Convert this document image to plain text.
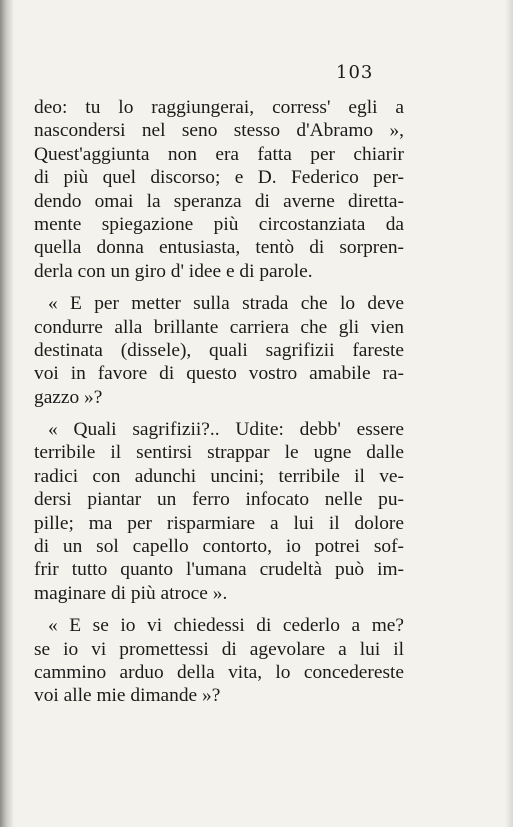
103
deo: tu lo raggiungerai, corress' egli a
nascondersi nel seno stesso d'Abramo »,
Quest'aggiunta non era fatta per chiarir
di più quel discorso; e D. Federico per-
dendo omai la speranza di averne diretta-
mente spiegazione più circostanziata da
quella donna entusiasta, tentò di sorpren-
derla con un giro d' idee e di parole.
« E per metter sulla strada che lo deve
condurre alla brillante carriera che gli vien
destinata (dissele), quali sagrifizii fareste
voi in favore di questo vostro amabile ra-
gazzo »?
« Quali sagrifizii?.. Udite: debb' essere
terribile il sentirsi strappar le ugne dalle
radici con adunchi uncini; terribile il ve-
dersi piantar un ferro infocato nelle pu-
pille; ma per risparmiare a lui il dolore
di un sol capello contorto, io potrei sof-
frir tutto quanto l'umana crudeltà può im-
maginare di più atroce ».
« E se io vi chiedessi di cederlo a me?
se io vi promettessi di agevolare a lui il
cammino arduo della vita, lo concedereste
voi alle mie dimande »?
